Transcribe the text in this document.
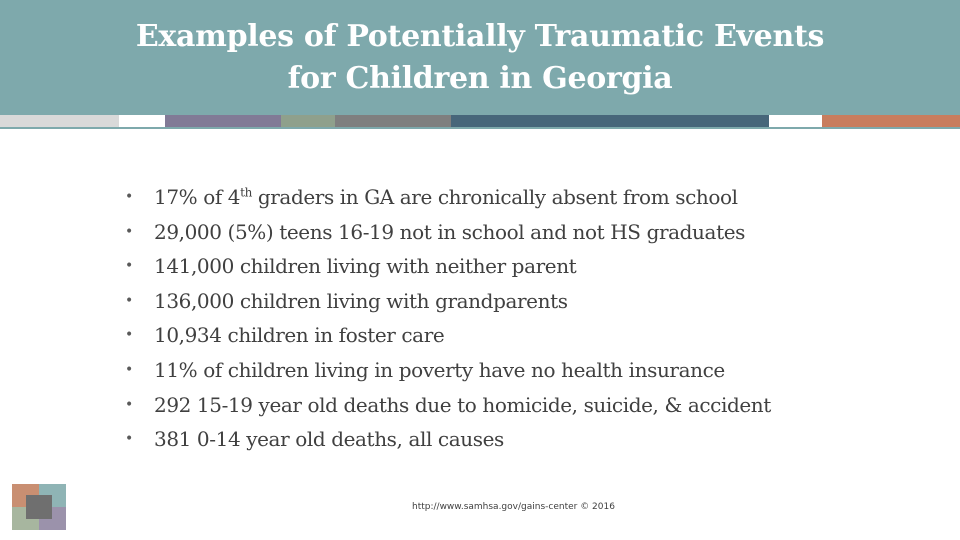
Examples of Potentially Traumatic Events
for Children in Georgia
• 17% of 4th graders in GA are chronically absent from school
• 29,000 (5%) teens 16-19 not in school and not HS graduates
• 141,000 children living with neither parent
• 136,000 children living with grandparents
• 10,934 children in foster care
• 11% of children living in poverty have no health insurance
• 292 15-19 year old deaths due to homicide, suicide, & accident
• 381 0-14 year old deaths, all causes
http://www.samhsa.gov/gains-center © 2016
